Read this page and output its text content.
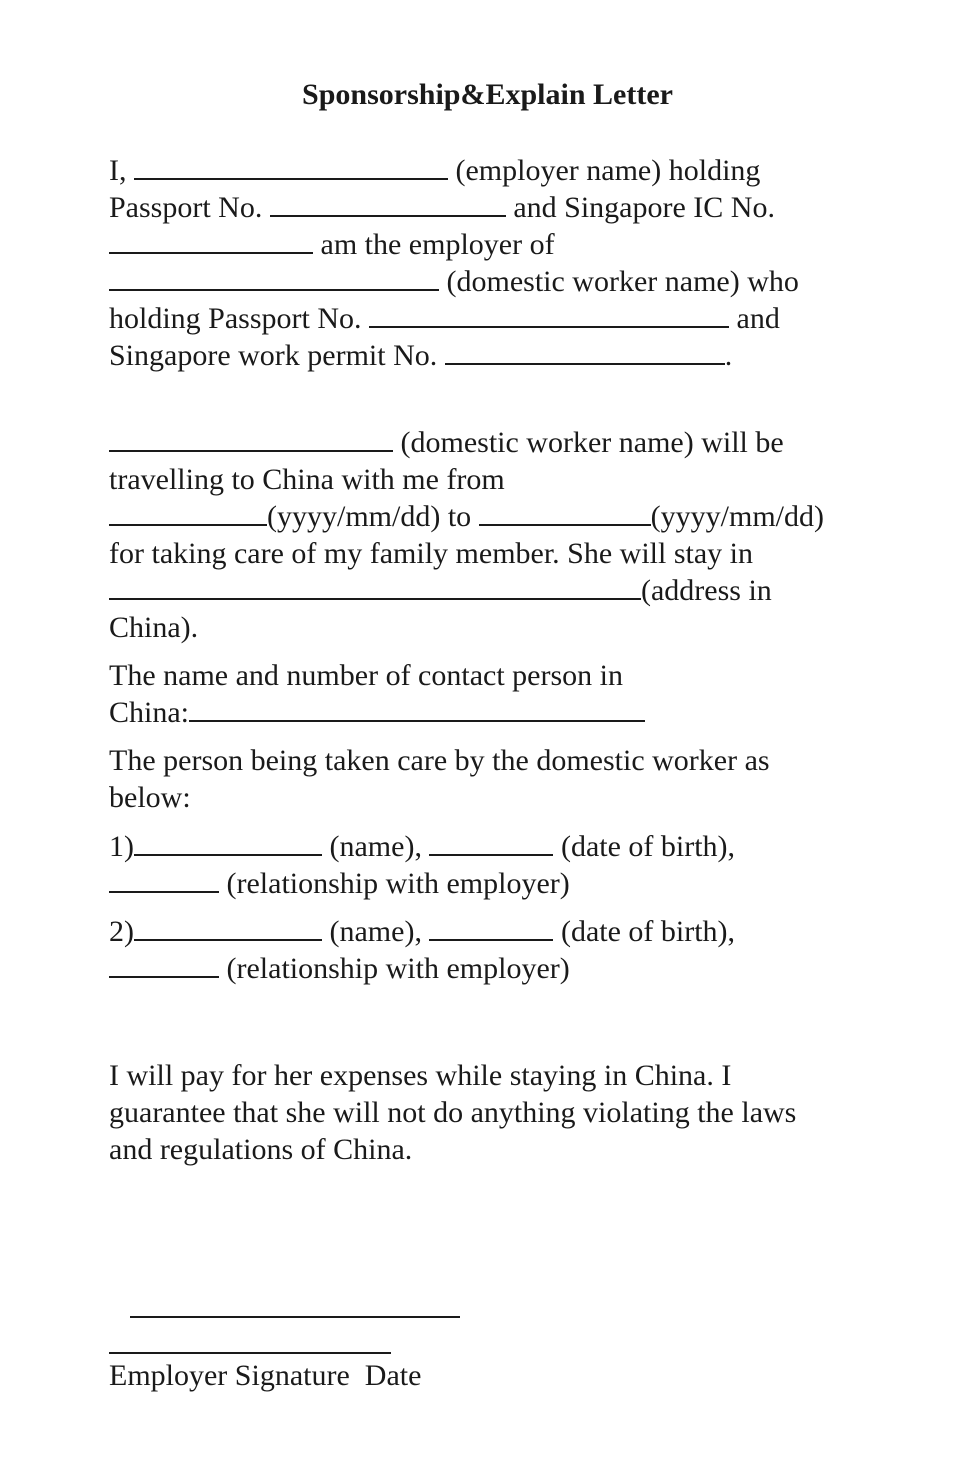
Sponsorship&Explain Letter
I,	(employer name) holding
Passport No.	and Singapore IC No.
am the employer of
(domestic worker name) who
holding Passport No.	and
Singapore work permit No.	.
(domestic worker name) will be
travelling to China with me from
(yyyy/mm/dd) to	(yyyy/mm/dd)
for taking care of my family member. She will stay in
(address in
China).
The name and number of contact person in
China:
The person being taken care by the domestic worker as
below:
1)	(name),	(date of birth),
(relationship with employer)
2)	(name),	(date of birth),
(relationship with employer)
I will pay for her expenses while staying in China. I
guarantee that she will not do anything violating the laws
and regulations of China.
Employer Signature  Date
